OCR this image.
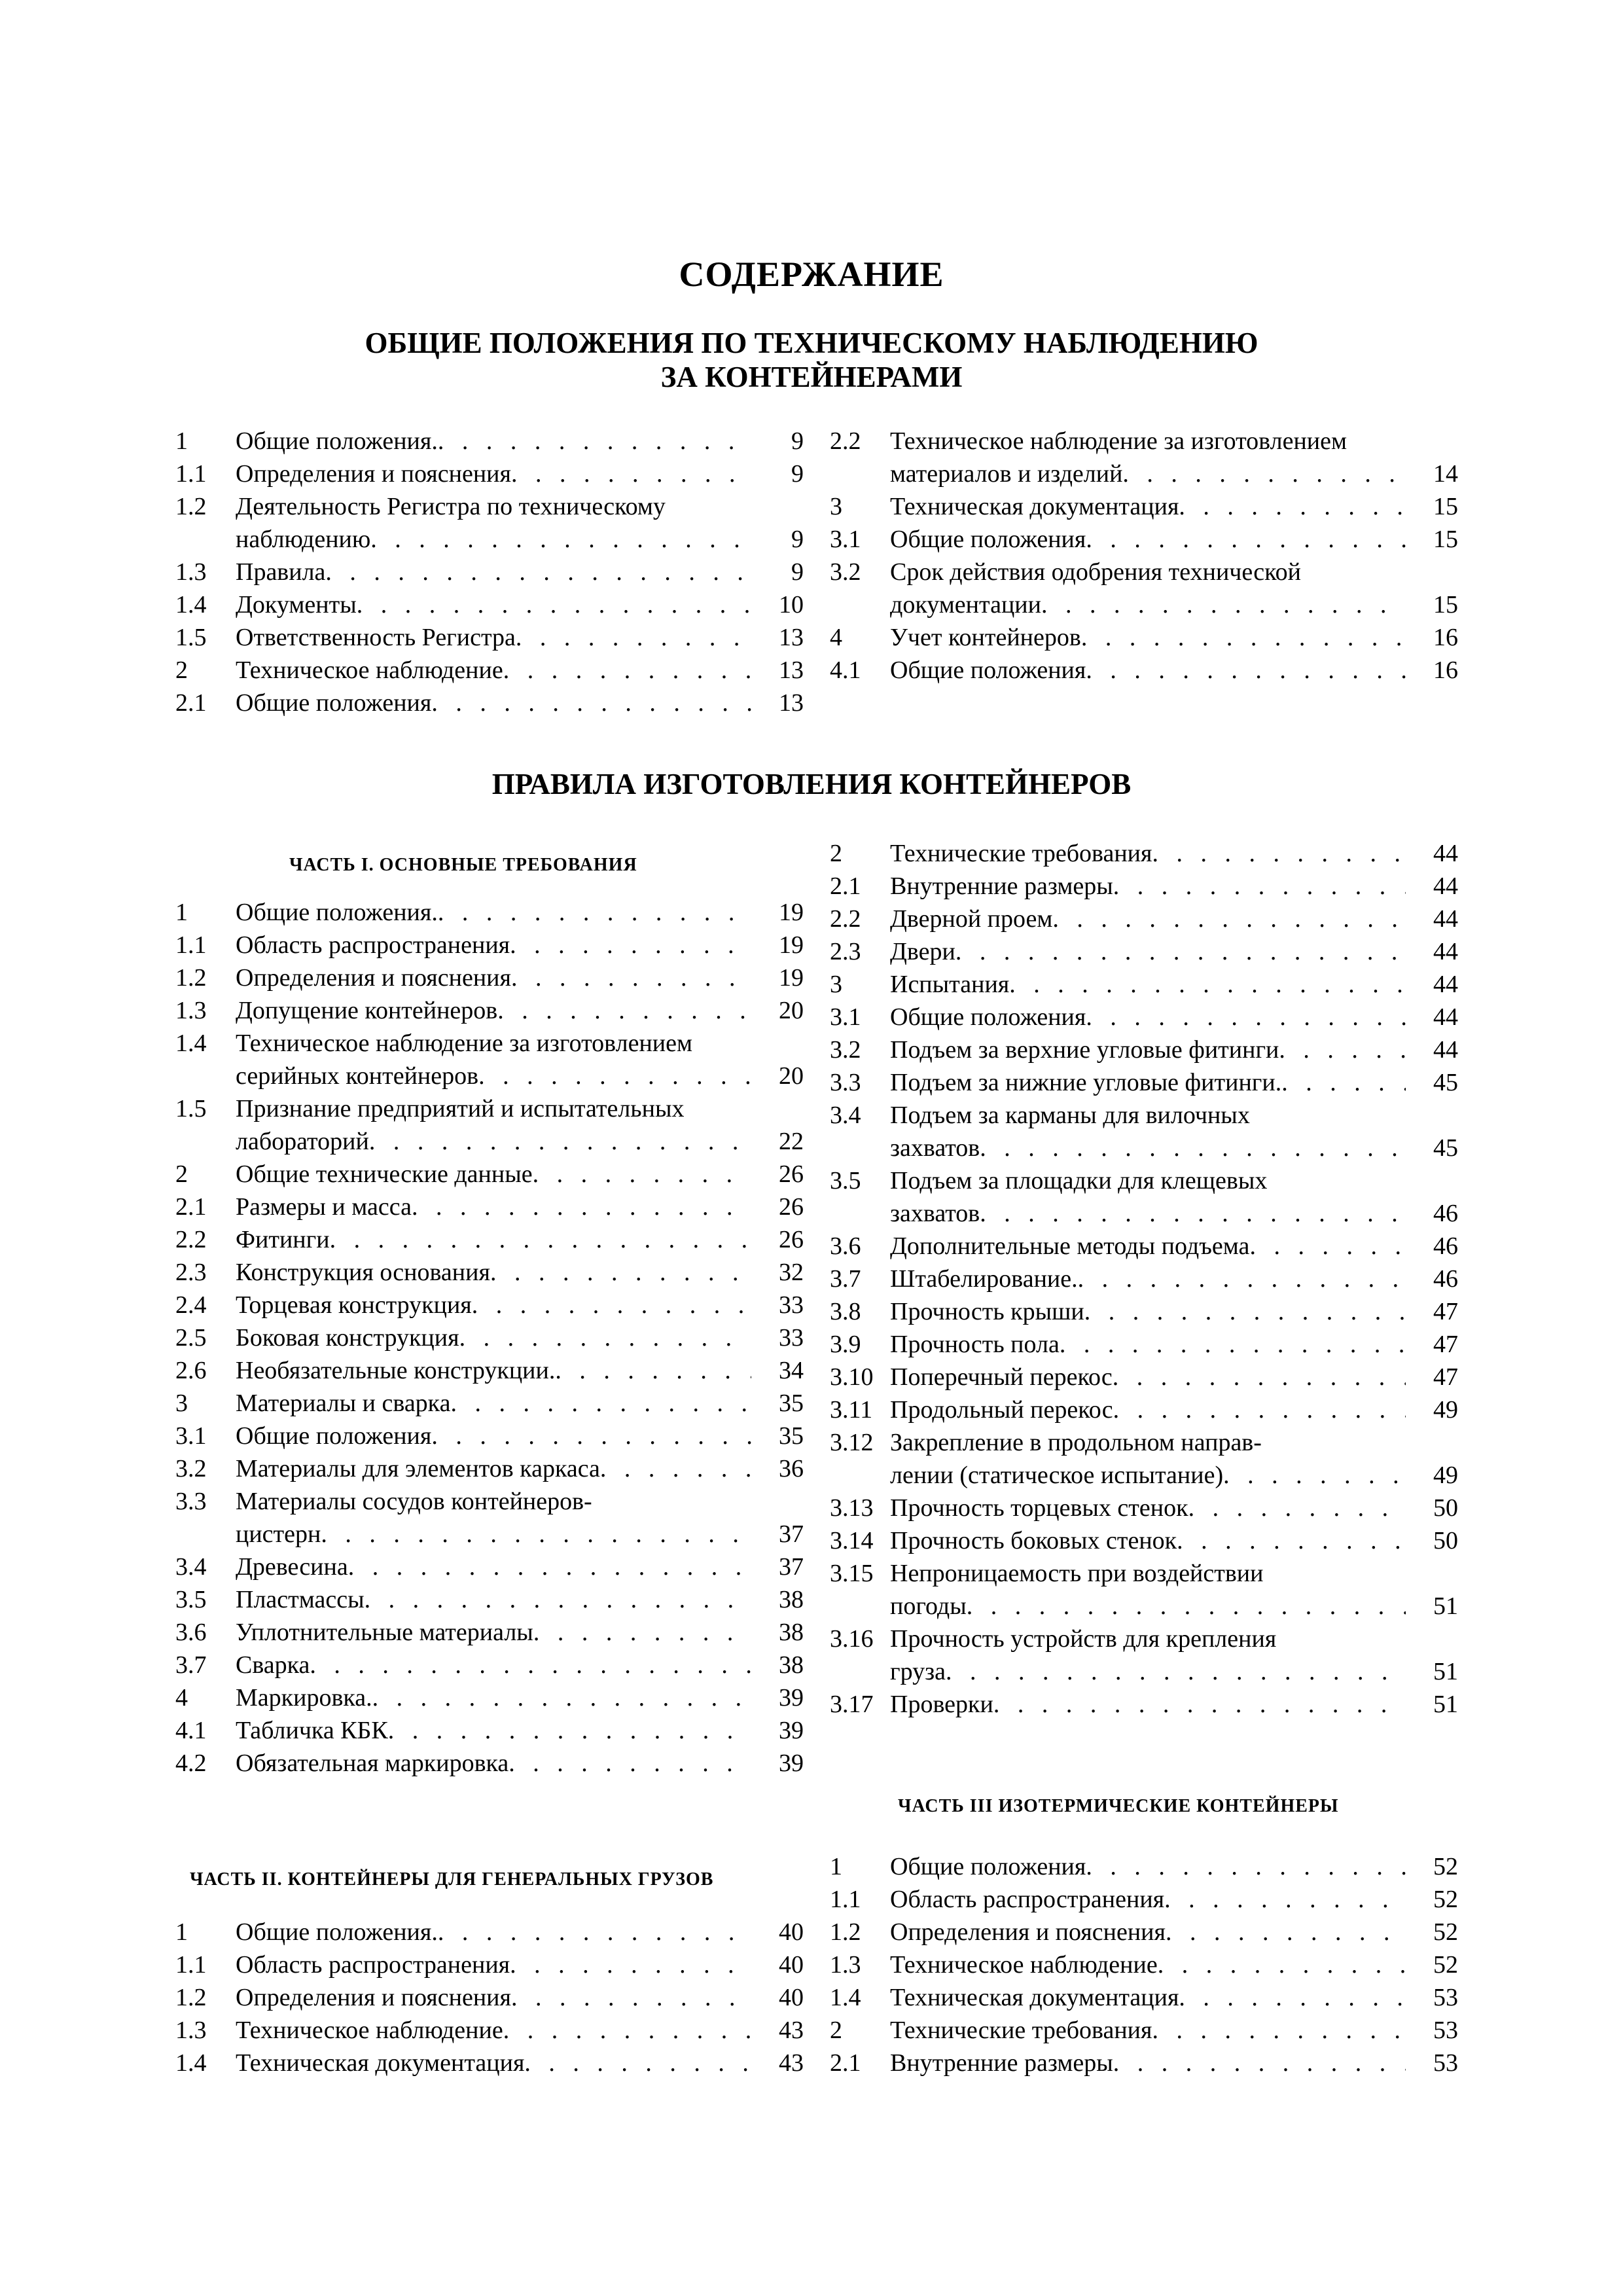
СОДЕРЖАНИЕ
ОБЩИЕ ПОЛОЖЕНИЯ ПО ТЕХНИЧЕСКОМУ НАБЛЮДЕНИЮ
ЗА КОНТЕЙНЕРАМИ
1	Общие положения. . . .	9
1.1	Определения и пояснения . . .	9
1.2	Деятельность Регистра по техническому
наблюдению . . .	9
1.3	Правила . . .	9
1.4	Документы . . .	10
1.5	Ответственность Регистра . . .	13
2	Техническое наблюдение . . .	13
2.1	Общие положения . . .	13
2.2	Техническое наблюдение за изготовлением
материалов и изделий . . .	14
3	Техническая документация . . .	15
3.1	Общие положения . . .	15
3.2	Срок действия одобрения технической
документации . . .	15
4	Учет контейнеров . . .	16
4.1	Общие положения . . .	16
ПРАВИЛА ИЗГОТОВЛЕНИЯ КОНТЕЙНЕРОВ
ЧАСТЬ I. ОСНОВНЫЕ ТРЕБОВАНИЯ
1	Общие положения. . . .	19
1.1	Область распространения . . .	19
1.2	Определения и пояснения . . .	19
1.3	Допущение контейнеров . . .	20
1.4	Техническое наблюдение за изготовлением
серийных контейнеров . . .	20
1.5	Признание предприятий и испытательных
лабораторий . . .	22
2	Общие технические данные . . .	26
2.1	Размеры и масса . . .	26
2.2	Фитинги . . .	26
2.3	Конструкция основания . . .	32
2.4	Торцевая конструкция . . .	33
2.5	Боковая конструкция . . .	33
2.6	Необязательные конструкции. . . .	34
3	Материалы и сварка . . .	35
3.1	Общие положения . . .	35
3.2	Материалы для элементов каркаса . . .	36
3.3	Материалы сосудов контейнеров-
цистерн . . .	37
3.4	Древесина . . .	37
3.5	Пластмассы . . .	38
3.6	Уплотнительные материалы . . .	38
3.7	Сварка . . .	38
4	Маркировка. . . .	39
4.1	Табличка КБК . . .	39
4.2	Обязательная маркировка . . .	39
2	Технические требования . . .	44
2.1	Внутренние размеры . . .	44
2.2	Дверной проем . . .	44
2.3	Двери . . .	44
3	Испытания . . .	44
3.1	Общие положения . . .	44
3.2	Подъем за верхние угловые фитинги . . .	44
3.3	Подъем за нижние угловые фитинги. . . .	45
3.4	Подъем за карманы для вилочных
захватов . . .	45
3.5	Подъем за площадки для клещевых
захватов . . .	46
3.6	Дополнительные методы подъема . . .	46
3.7	Штабелирование. . . .	46
3.8	Прочность крыши . . .	47
3.9	Прочность пола . . .	47
3.10 Поперечный перекос . . .	47
3.11 Продольный перекос . . .	49
3.12 Закрепление в продольном направ-
лении (статическое испытание) . . .	49
3.13 Прочность торцевых стенок . . .	50
3.14 Прочность боковых стенок . . .	50
3.15 Непроницаемость при воздействии
погоды . . .	51
3.16 Прочность устройств для крепления
груза . . .	51
3.17 Проверки . . .	51
ЧАСТЬ II. КОНТЕЙНЕРЫ ДЛЯ ГЕНЕРАЛЬНЫХ ГРУЗОВ
1	Общие положения. . . .	40
1.1	Область распространения . . .	40
1.2	Определения и пояснения . . .	40
1.3	Техническое наблюдение . . .	43
1.4	Техническая документация . . .	43
ЧАСТЬ III ИЗОТЕРМИЧЕСКИЕ КОНТЕЙНЕРЫ
1	Общие положения . . .	52
1.1	Область распространения . . .	52
1.2	Определения и пояснения . . .	52
1.3	Техническое наблюдение . . .	52
1.4	Техническая документация . . .	53
2	Технические требования . . .	53
2.1	Внутренние размеры . . .	53
